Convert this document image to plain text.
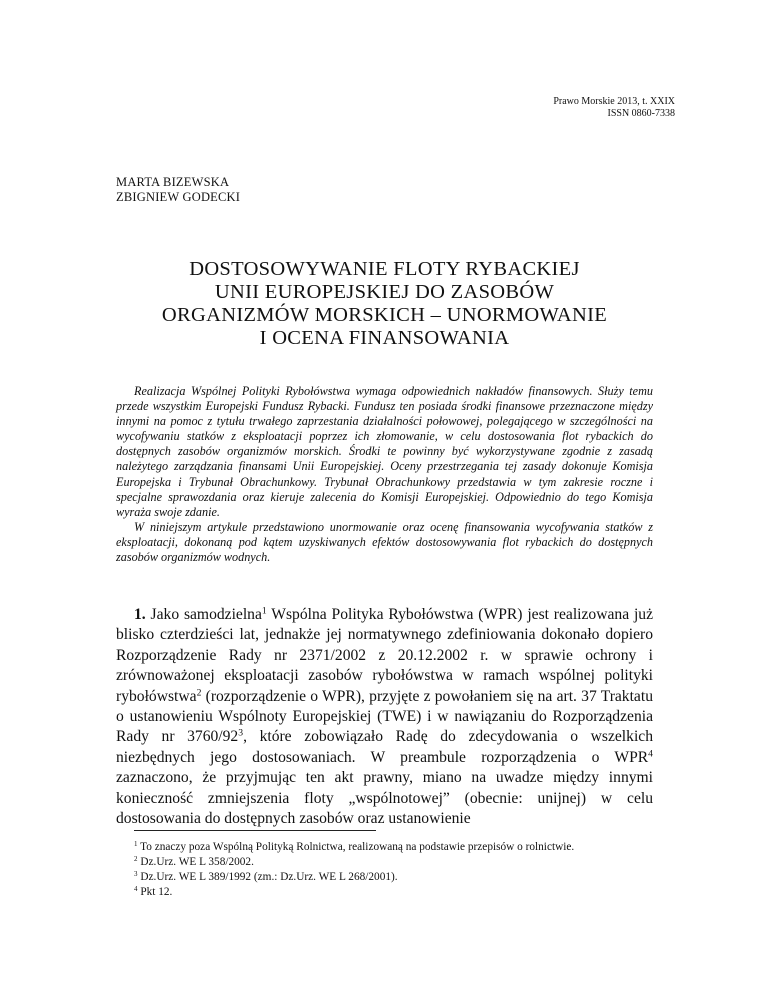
Prawo Morskie 2013, t. XXIX
ISSN 0860-7338
MARTA BIZEWSKA
ZBIGNIEW GODECKI
DOSTOSOWYWANIE FLOTY RYBACKIEJ
UNII EUROPEJSKIEJ DO ZASOBÓW
ORGANIZMÓW MORSKICH – UNORMOWANIE
I OCENA FINANSOWANIA

Realizacja Wspólnej Polityki Rybołówstwa wymaga odpowiednich nakładów finansowych. Służy temu przede wszystkim Europejski Fundusz Rybacki. Fundusz ten posiada środki finansowe przeznaczone między innymi na pomoc z tytułu trwałego zaprzestania działalności połowowej, polegającego w szczególności na wycofywaniu statków z eksploatacji poprzez ich złomowanie, w celu dostosowania flot rybackich do dostępnych zasobów organizmów morskich. Środki te powinny być wykorzystywane zgodnie z zasadą należytego zarządzania finansami Unii Europejskiej. Oceny przestrzegania tej zasady dokonuje Komisja Europejska i Trybunał Obrachunkowy. Trybunał Obrachunkowy przedstawia w tym zakresie roczne i specjalne sprawozdania oraz kieruje zalecenia do Komisji Europejskiej. Odpowiednio do tego Komisja wyraża swoje zdanie.

W niniejszym artykule przedstawiono unormowanie oraz ocenę finansowania wycofywania statków z eksploatacji, dokonaną pod kątem uzyskiwanych efektów dostosowywania flot rybackich do dostępnych zasobów organizmów wodnych.

1. Jako samodzielna$^1$ Wspólna Polityka Rybołówstwa (WPR) jest realizowana już blisko czterdzieści lat, jednakże jej normatywnego zdefiniowania dokonało dopiero Rozporządzenie Rady nr 2371/2002 z 20.12.2002 r. w sprawie ochrony i zrównoważonej eksploatacji zasobów rybołówstwa w ramach wspólnej polityki rybołówstwa$^2$ (rozporządzenie o WPR), przyjęte z powołaniem się na art. 37 Traktatu o ustanowieniu Wspólnoty Europejskiej (TWE) i w nawiązaniu do Rozporządzenia Rady nr $3760/92^3$, które zobowiązało Radę do zdecydowania o wszelkich niezbędnych jego dostosowaniach. W preambule rozporządzenia o WPR$^4$ zaznaczono, że przyjmując ten akt prawny, miano na uwadze między innymi konieczność zmniejszenia floty „wspólnotowej” (obecnie: unijnej) w celu dostosowania do dostępnych zasobów oraz ustanowienie

$^1$ To znaczy poza Wspólną Polityką Rolnictwa, realizowaną na podstawie przepisów o rolnictwie.
$^2$ Dz.Urz. WE L 358/2002.
$^3$ Dz.Urz. WE L 389/1992 (zm.: Dz.Urz. WE L 268/2001).
$^4$ Pkt 12.
